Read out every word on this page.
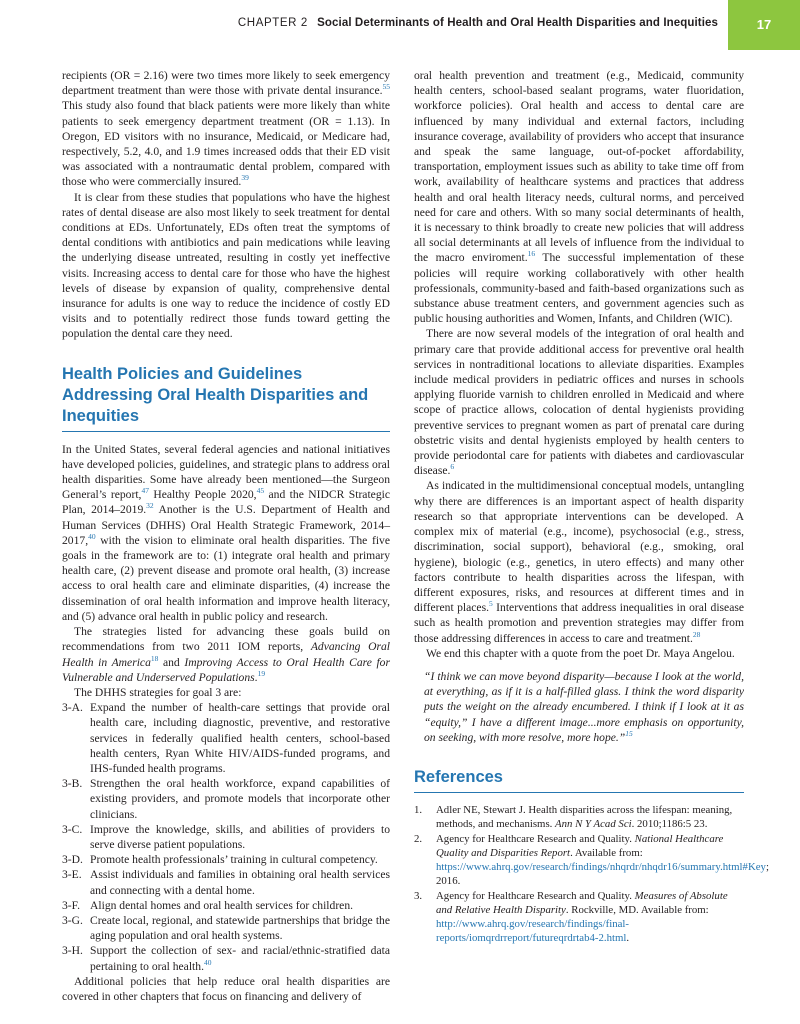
CHAPTER 2 Social Determinants of Health and Oral Health Disparities and Inequities	17

recipients (OR = 2.16) were two times more likely to seek emergency department treatment than were those with private dental insurance.$^{55}$ This study also found that black patients were more likely than white patients to seek emergency department treatment (OR = 1.13). In Oregon, ED visitors with no insurance, Medicaid, or Medicare had, respectively, 5.2, 4.0, and 1.9 times increased odds that their ED visit was associated with a nontraumatic dental problem, compared with those who were commercially insured.$^{39}$

It is clear from these studies that populations who have the highest rates of dental disease are also most likely to seek treatment for dental conditions at EDs. Unfortunately, EDs often treat the symptoms of dental conditions with antibiotics and pain medications while leaving the underlying disease untreated, resulting in costly yet ineffective visits. Increasing access to dental care for those who have the highest levels of disease by expansion of quality, comprehensive dental insurance for adults is one way to reduce the incidence of costly ED visits and to potentially redirect those funds toward getting the population the dental care they need.

Health Policies and Guidelines Addressing Oral Health Disparities and Inequities

In the United States, several federal agencies and national initiatives have developed policies, guidelines, and strategic plans to address oral health disparities. Some have already been mentioned—the Surgeon General’s report,$^{47}$ Healthy People 2020,45 and the NIDCR Strategic Plan, 2014–2019.32 Another is the U.S. Department of Health and Human Services (DHHS) Oral Health Strategic Framework, 2014–2017,40 with the vision to eliminate oral health disparities. The five goals in the framework are to: (1) integrate oral health and primary health care, (2) prevent disease and promote oral health, (3) increase access to oral health care and eliminate disparities, (4) increase the dissemination of oral health information and improve health literacy, and (5) advance oral health in public policy and research.

The strategies listed for advancing these goals build on recommendations from two 2011 IOM reports, Advancing Oral Health in America$^{18}$ and Improving Access to Oral Health Care for Vulnerable and Underserved Populations.$^{19}$

The DHHS strategies for goal 3 are:

3-A. Expand the number of health-care settings that provide oral health care, including diagnostic, preventive, and restorative services in federally qualified health centers, school-based health centers, Ryan White HIV/AIDS-funded programs, and IHS-funded health programs.
3-B. Strengthen the oral health workforce, expand capabilities of existing providers, and promote models that incorporate other clinicians.
3-C. Improve the knowledge, skills, and abilities of providers to serve diverse patient populations.
3-D. Promote health professionals’ training in cultural competency.
3-E. Assist individuals and families in obtaining oral health services and connecting with a dental home.
3-F. Align dental homes and oral health services for children.
3-G. Create local, regional, and statewide partnerships that bridge the aging population and oral health systems.
3-H. Support the collection of sex- and racial/ethnic-stratified data pertaining to oral health.$^{40}$

Additional policies that help reduce oral health disparities are covered in other chapters that focus on financing and delivery of

oral health prevention and treatment (e.g., Medicaid, community health centers, school-based sealant programs, water fluoridation, workforce policies). Oral health and access to dental care are influenced by many individual and external factors, including insurance coverage, availability of providers who accept that insurance and speak the same language, out-of-pocket affordability, transportation, employment issues such as ability to take time off from work, availability of healthcare systems and practices that address health and oral health literacy needs, cultural norms, and perceived need for care and others. With so many social determinants of health, it is necessary to think broadly to create new policies that will address all social determinants at all levels of influence from the individual to the macro enviroment.$^{16}$ The successful implementation of these policies will require working collaboratively with other health professionals, community-based and faith-based organizations such as substance abuse treatment centers, and government agencies such as public housing authorities and Women, Infants, and Children (WIC).

There are now several models of the integration of oral health and primary care that provide additional access for preventive oral health services in nontraditional locations to alleviate disparities. Examples include medical providers in pediatric offices and nurses in schools applying fluoride varnish to children enrolled in Medicaid and where scope of practice allows, colocation of dental hygienists providing preventive services to pregnant women as part of prenatal care during obstetric visits and dental hygienists employed by health centers to provide periodontal care for patients with diabetes and cardiovascular disease.$^6$

As indicated in the multidimensional conceptual models, untangling why there are differences is an important aspect of health disparity research so that appropriate interventions can be developed. A complex mix of material (e.g., income), psychosocial (e.g., stress, discrimination, social support), behavioral (e.g., smoking, oral hygiene), biologic (e.g., genetics, in utero effects) and many other factors contribute to health disparities across the lifespan, with different exposures, risks, and resources at different times and in different places.$^5$ Interventions that address inequalities in oral disease such as health promotion and prevention strategies may differ from those addressing differences in access to care and treatment.$^{28}$

We end this chapter with a quote from the poet Dr. Maya Angelou.

“I think we can move beyond disparity—because I look at the world, at everything, as if it is a half-filled glass. I think the word disparity puts the weight on the already encumbered. I think if I look at it as “equity,” I have a different image...more emphasis on opportunity, on seeking, with more resolve, more hope.”$^{15}$
References
1. Adler NE, Stewart J. Health disparities across the lifespan: meaning, methods, and mechanisms. Ann N Y Acad Sci. 2010;1186:5 23.
2. Agency for Healthcare Research and Quality. National Healthcare Quality and Disparities Report. Available from: https://www.ahrq.gov/research/findings/nhqrdr/nhqdr16/summary.html#Key; 2016.
3. Agency for Healthcare Research and Quality. Measures of Absolute and Relative Health Disparity. Rockville, MD. Available from: http://www.ahrq.gov/research/findings/final-reports/iomqrdrreport/futureqrdrtab4-2.html.
